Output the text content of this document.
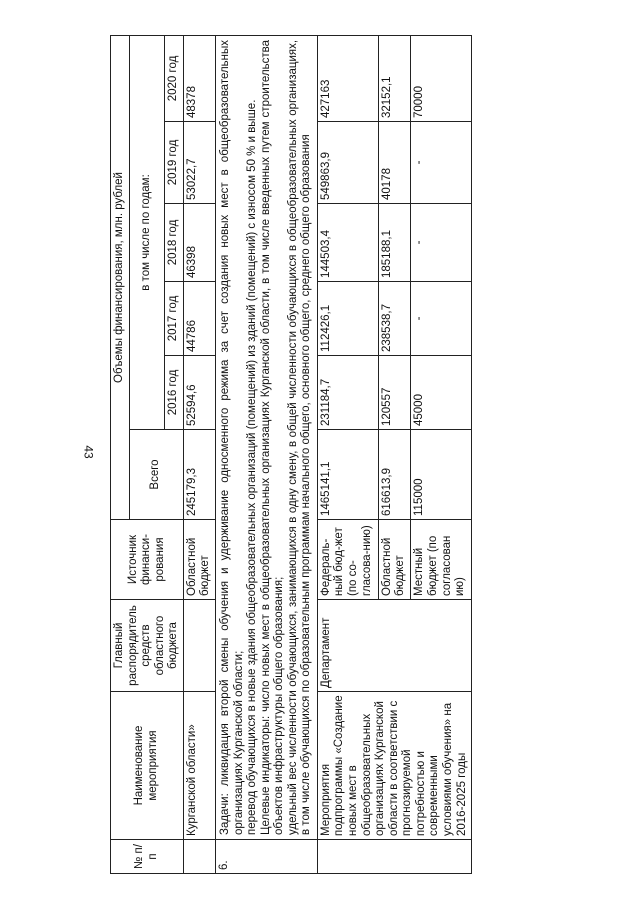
43
№ п/п	Наименование мероприятия	Главный распорядитель средств областного бюджета	Источник финанси-рования	Объемы финансирования, млн. рублей					
				Всего	в том числе по годам:				
					2016 год	2017 год	2018 год	2019 год	2020 год
	Курганской области»		Областной бюджет	245179,3	52594,6	44786	46398	53022,7	48378
6.	Задачи: ликвидация второй смены обучения и удерживание односменного режима за счет создания новых мест в общеобразовательных организациях Курганской области; перевод обучающихся в новые здания общеобразовательных организаций (помещений) из зданий (помещений) с износом 50 % и выше. Целевые индикаторы: число новых мест в общеобразовательных организациях Курганской области, в том числе введенных путем строительства объектов инфраструктуры общего образования; удельный вес численности обучающихся, занимающихся в одну смену, в общей численности обучающихся в общеобразовательных организациях, в том числе обучающихся по образовательным программам начального общего, основного общего, среднего общего образования								

	Мероприятия подпрограммы «Создание новых мест в общеобразовательных организациях Курганской области в соответствии с прогнозируемой потребностью и современными условиями обучения» на 2016-2025 годы	Департамент	Федераль-ный бюд-жет (по со-гласова-нию)	1465141,1	231184,7	112426,1	144503,4	549863,9	427163
			Областной бюджет	616613,9	120557	238538,7	185188,1	40178	32152,1
			Местный бюджет (по согласован ию)	115000	45000	-	-	-	70000
